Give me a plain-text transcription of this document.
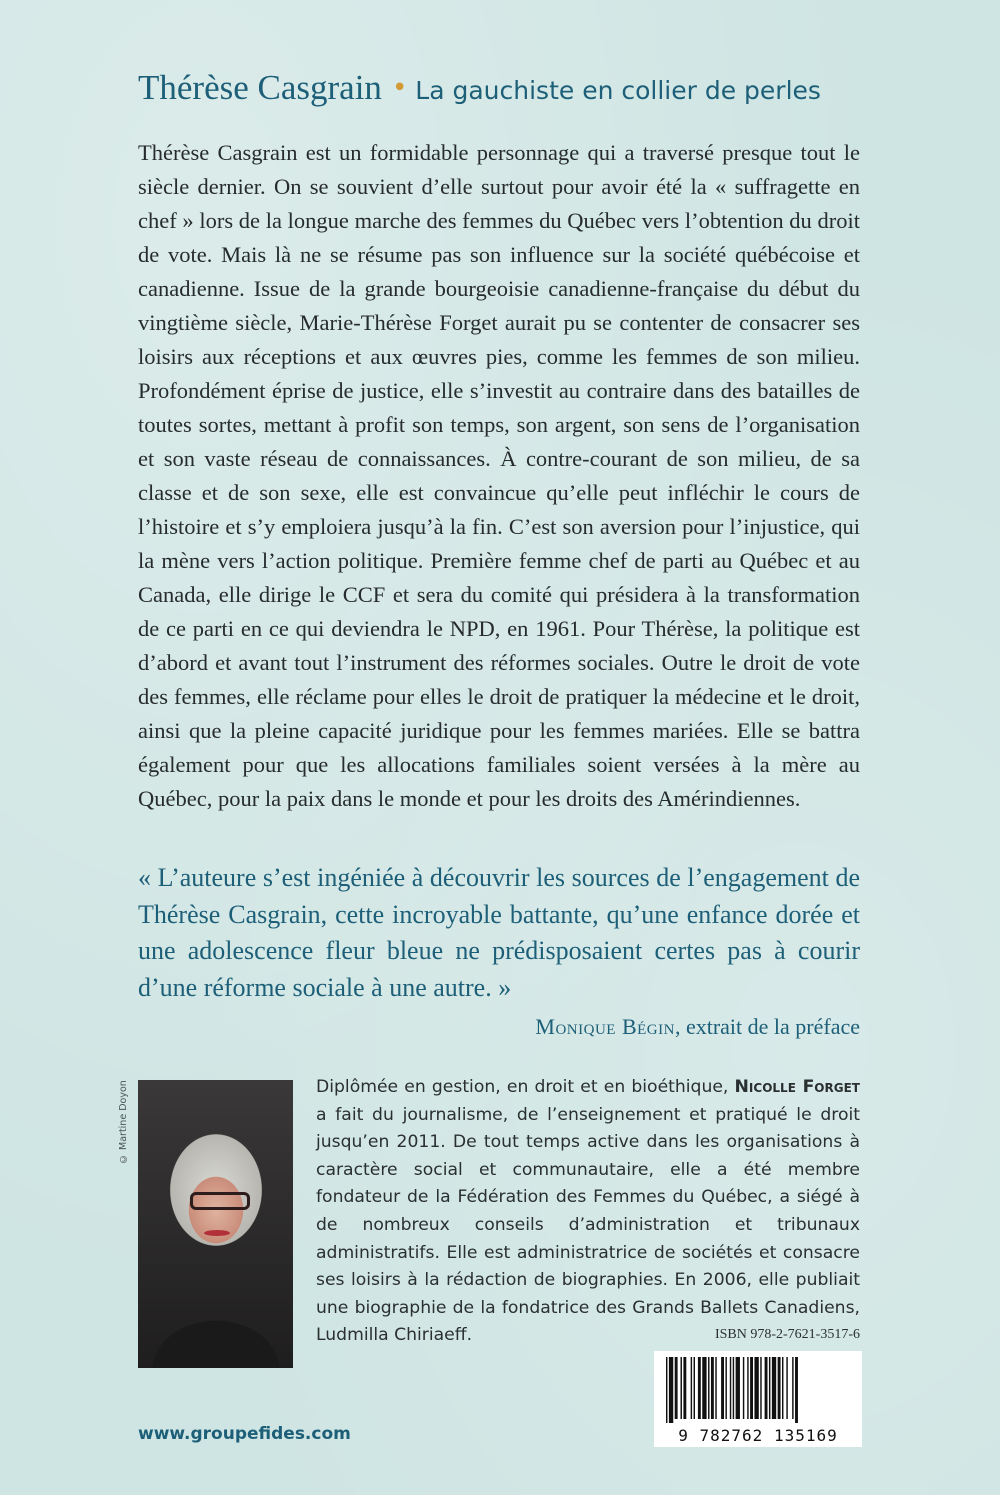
Thérèse Casgrain • La gauchiste en collier de perles
Thérèse Casgrain est un formidable personnage qui a traversé presque tout le siècle dernier. On se souvient d’elle surtout pour avoir été la « suffragette en chef » lors de la longue marche des femmes du Québec vers l’obtention du droit de vote. Mais là ne se résume pas son influence sur la société québécoise et canadienne. Issue de la grande bourgeoisie canadienne-française du début du vingtième siècle, Marie-Thérèse Forget aurait pu se contenter de consacrer ses loisirs aux réceptions et aux œuvres pies, comme les femmes de son milieu. Profondément éprise de justice, elle s’investit au contraire dans des batailles de toutes sortes, mettant à profit son temps, son argent, son sens de l’organisation et son vaste réseau de connaissances. À contre-courant de son milieu, de sa classe et de son sexe, elle est convaincue qu’elle peut infléchir le cours de l’histoire et s’y emploiera jusqu’à la fin. C’est son aversion pour l’injustice, qui la mène vers l’action politique. Première femme chef de parti au Québec et au Canada, elle dirige le CCF et sera du comité qui présidera à la transformation de ce parti en ce qui deviendra le NPD, en 1961. Pour Thérèse, la politique est d’abord et avant tout l’instrument des réformes sociales. Outre le droit de vote des femmes, elle réclame pour elles le droit de pratiquer la médecine et le droit, ainsi que la pleine capacité juridique pour les femmes mariées. Elle se battra également pour que les allocations familiales soient versées à la mère au Québec, pour la paix dans le monde et pour les droits des Amérindiennes.
« L’auteure s’est ingéniée à découvrir les sources de l’engagement de Thérèse Casgrain, cette incroyable battante, qu’une enfance dorée et une adolescence fleur bleue ne prédisposaient certes pas à courir d’une réforme sociale à une autre. »
Monique Bégin, extrait de la préface
© Martine Doyon	Diplômée en gestion, en droit et en bioéthique, Nicolle Forget a fait du journalisme, de l’enseignement et pratiqué le droit jusqu’en 2011. De tout temps active dans les organisations à caractère social et communautaire, elle a été membre fondateur de la Fédération des Femmes du Québec, a siégé à de nombreux conseils d’administration et tribunaux administratifs. Elle est administratrice de sociétés et consacre ses loisirs à la rédaction de biographies. En 2006, elle publiait une biographie de la fondatrice des Grands Ballets Canadiens, Ludmilla Chiriaeff.	ISBN 978-2-7621-3517-6
9 782762 135169
www.groupefides.com
